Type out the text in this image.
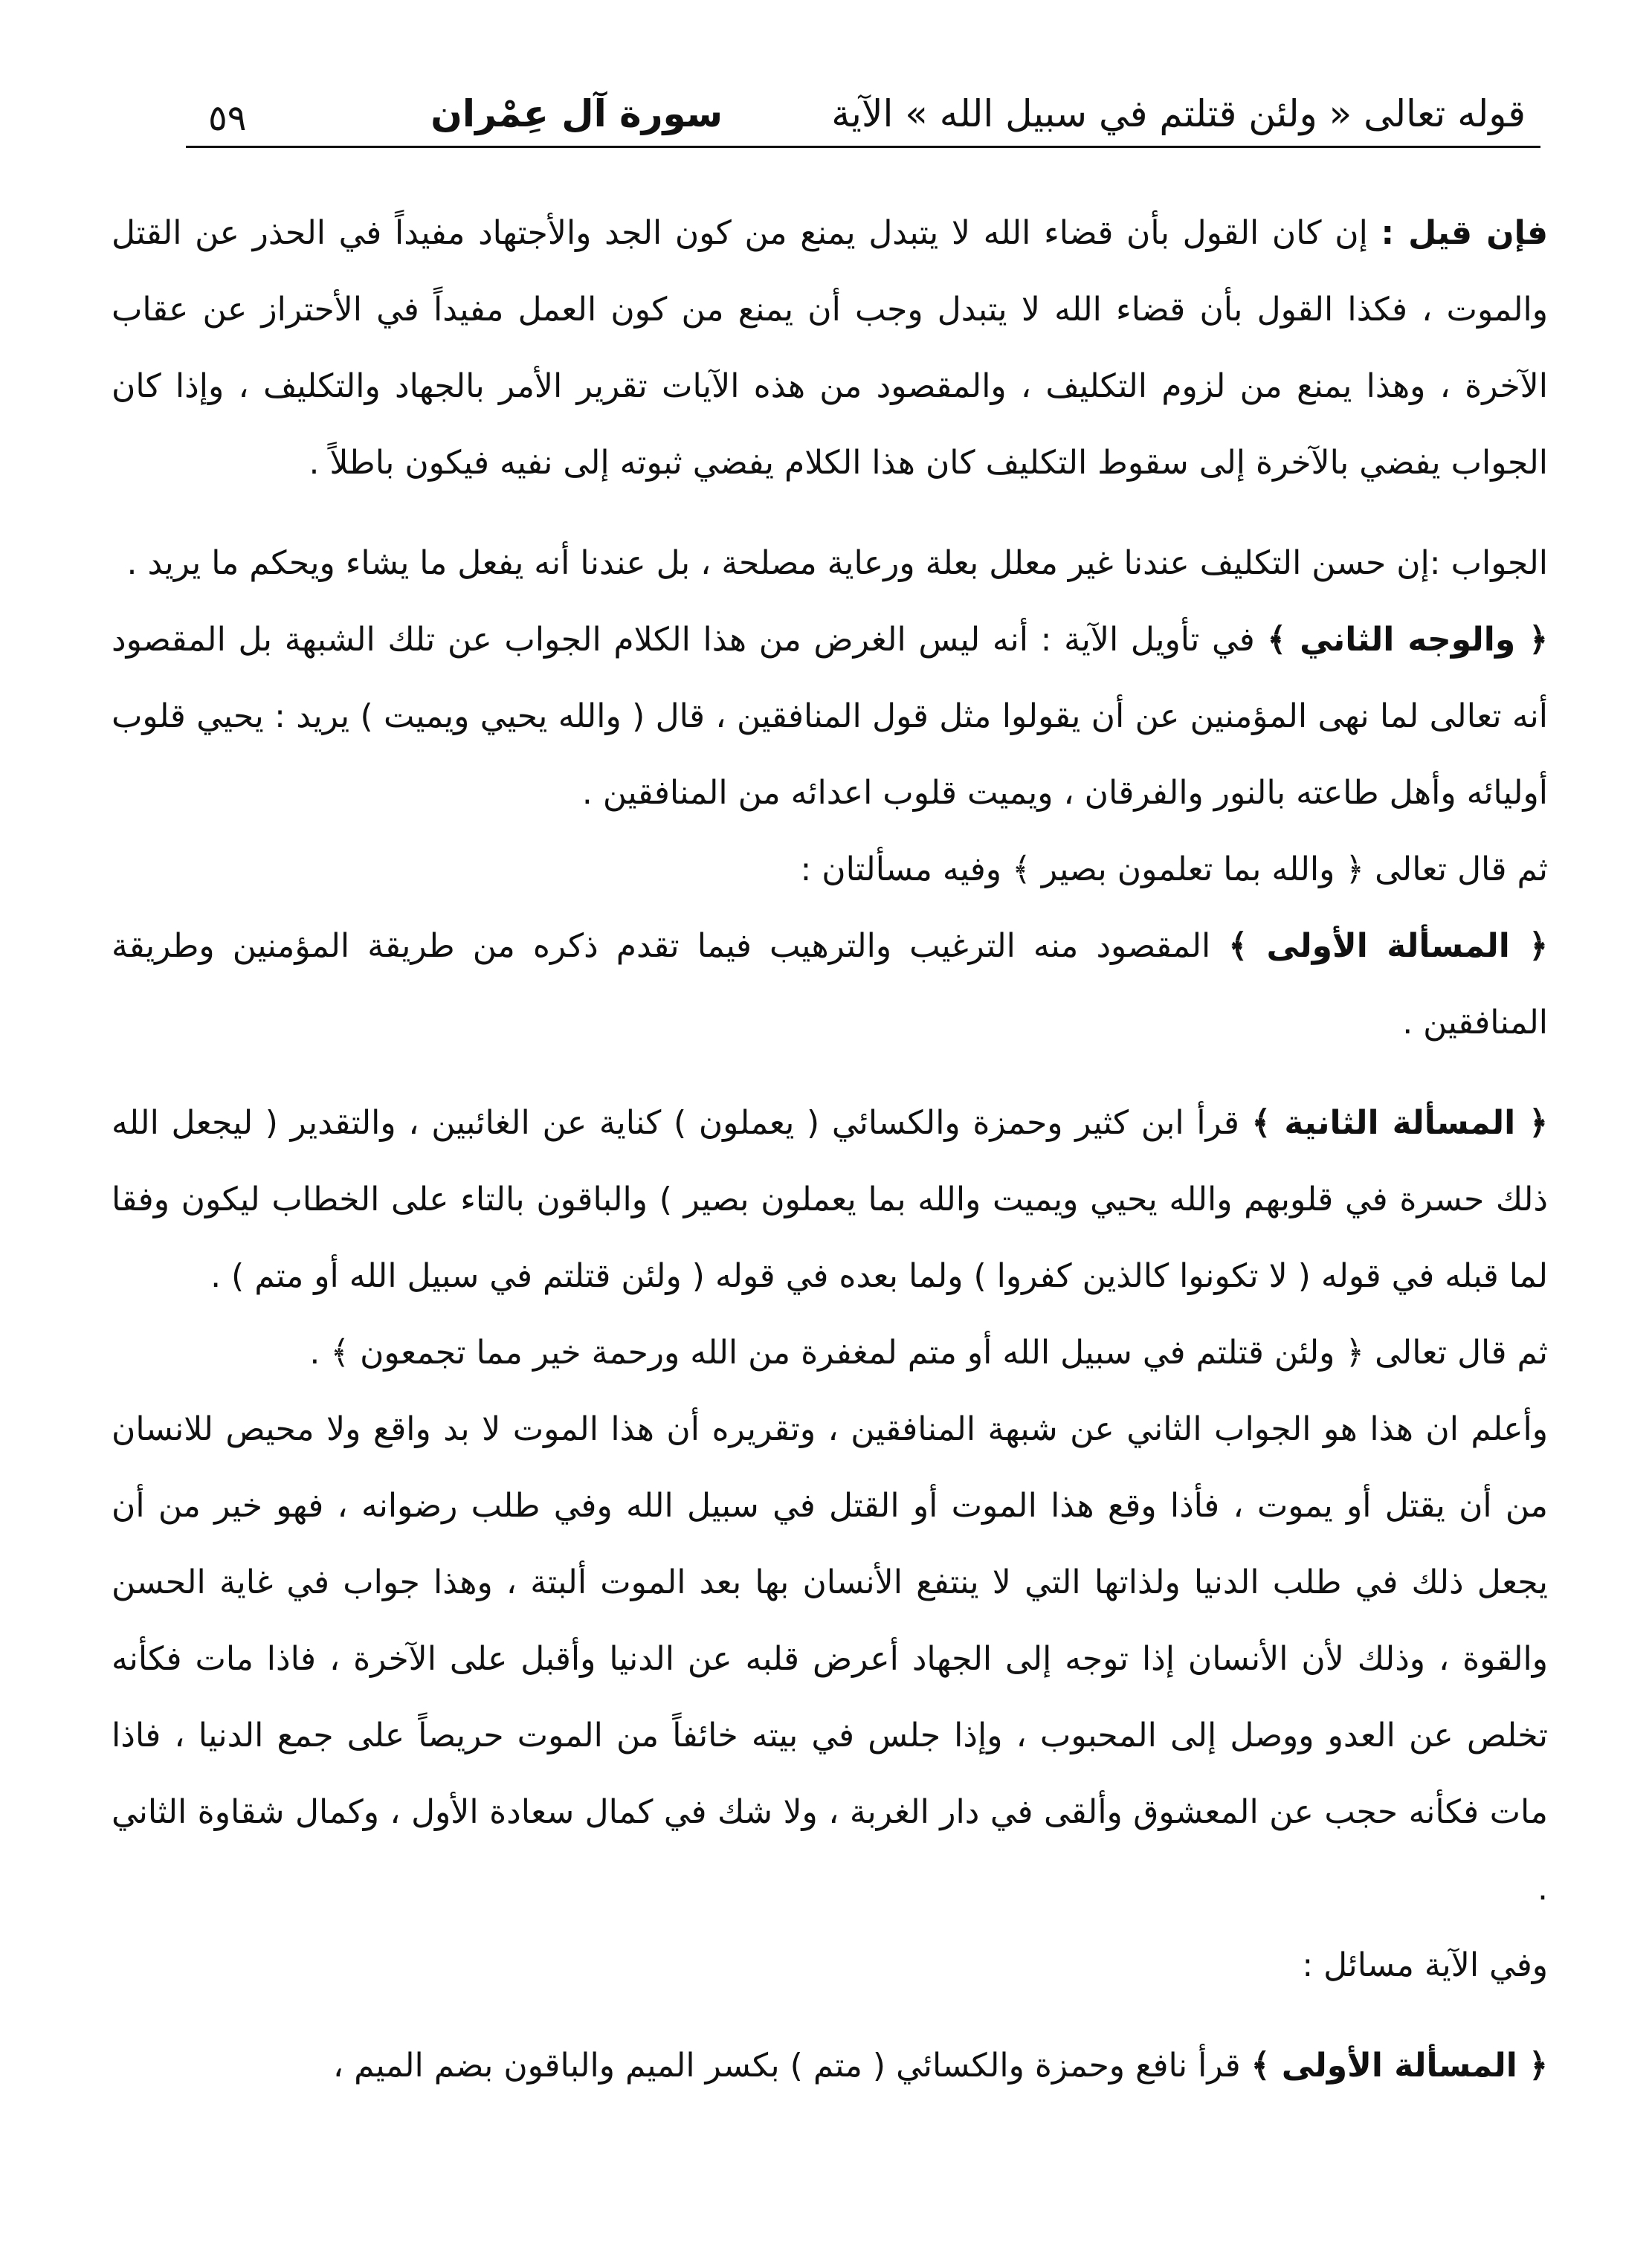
قوله تعالى « ولئن قتلتم في سبيل الله » الآية
سورة آل عِمْران
٥٩

فإن قيل : إن كان القول بأن قضاء الله لا يتبدل يمنع من كون الجد والأجتهاد مفيداً في الحذر عن القتل والموت ، فكذا القول بأن قضاء الله لا يتبدل وجب أن يمنع من كون العمل مفيداً في الأحتراز عن عقاب الآخرة ، وهذا يمنع من لزوم التكليف ، والمقصود من هذه الآيات تقرير الأمر بالجهاد والتكليف ، وإذا كان الجواب يفضي بالآخرة إلى سقوط التكليف كان هذا الكلام يفضي ثبوته إلى نفيه فيكون باطلاً .

الجواب :إن حسن التكليف عندنا غير معلل بعلة ورعاية مصلحة ، بل عندنا أنه يفعل ما يشاء ويحكم ما يريد .

﴿ والوجه الثاني ﴾ في تأويل الآية : أنه ليس الغرض من هذا الكلام الجواب عن تلك الشبهة بل المقصود أنه تعالى لما نهى المؤمنين عن أن يقولوا مثل قول المنافقين ، قال ( والله يحيي ويميت ) يريد : يحيي قلوب أوليائه وأهل طاعته بالنور والفرقان ، ويميت قلوب اعدائه من المنافقين .

ثم قال تعالى ﴿ والله بما تعلمون بصير ﴾ وفيه مسألتان :

﴿ المسألة الأولى ﴾ المقصود منه الترغيب والترهيب فيما تقدم ذكره من طريقة المؤمنين وطريقة المنافقين .

﴿ المسألة الثانية ﴾ قرأ ابن كثير وحمزة والكسائي ( يعملون ) كناية عن الغائبين ، والتقدير ( ليجعل الله ذلك حسرة في قلوبهم والله يحيي ويميت والله بما يعملون بصير ) والباقون بالتاء على الخطاب ليكون وفقا لما قبله في قوله ( لا تكونوا كالذين كفروا ) ولما بعده في قوله ( ولئن قتلتم في سبيل الله أو متم ) .

ثم قال تعالى ﴿ ولئن قتلتم في سبيل الله أو متم لمغفرة من الله ورحمة خير مما تجمعون ﴾ .

وأعلم ان هذا هو الجواب الثاني عن شبهة المنافقين ، وتقريره أن هذا الموت لا بد واقع ولا محيص للانسان من أن يقتل أو يموت ، فأذا وقع هذا الموت أو القتل في سبيل الله وفي طلب رضوانه ، فهو خير من أن يجعل ذلك في طلب الدنيا ولذاتها التي لا ينتفع الأنسان بها بعد الموت ألبتة ، وهذا جواب في غاية الحسن والقوة ، وذلك لأن الأنسان إذا توجه إلى الجهاد أعرض قلبه عن الدنيا وأقبل على الآخرة ، فاذا مات فكأنه تخلص عن العدو ووصل إلى المحبوب ، وإذا جلس في بيته خائفاً من الموت حريصاً على جمع الدنيا ، فاذا مات فكأنه حجب عن المعشوق وألقى في دار الغربة ، ولا شك في كمال سعادة الأول ، وكمال شقاوة الثاني .

وفي الآية مسائل :

﴿ المسألة الأولى ﴾ قرأ نافع وحمزة والكسائي ( متم ) بكسر الميم والباقون بضم الميم ،
